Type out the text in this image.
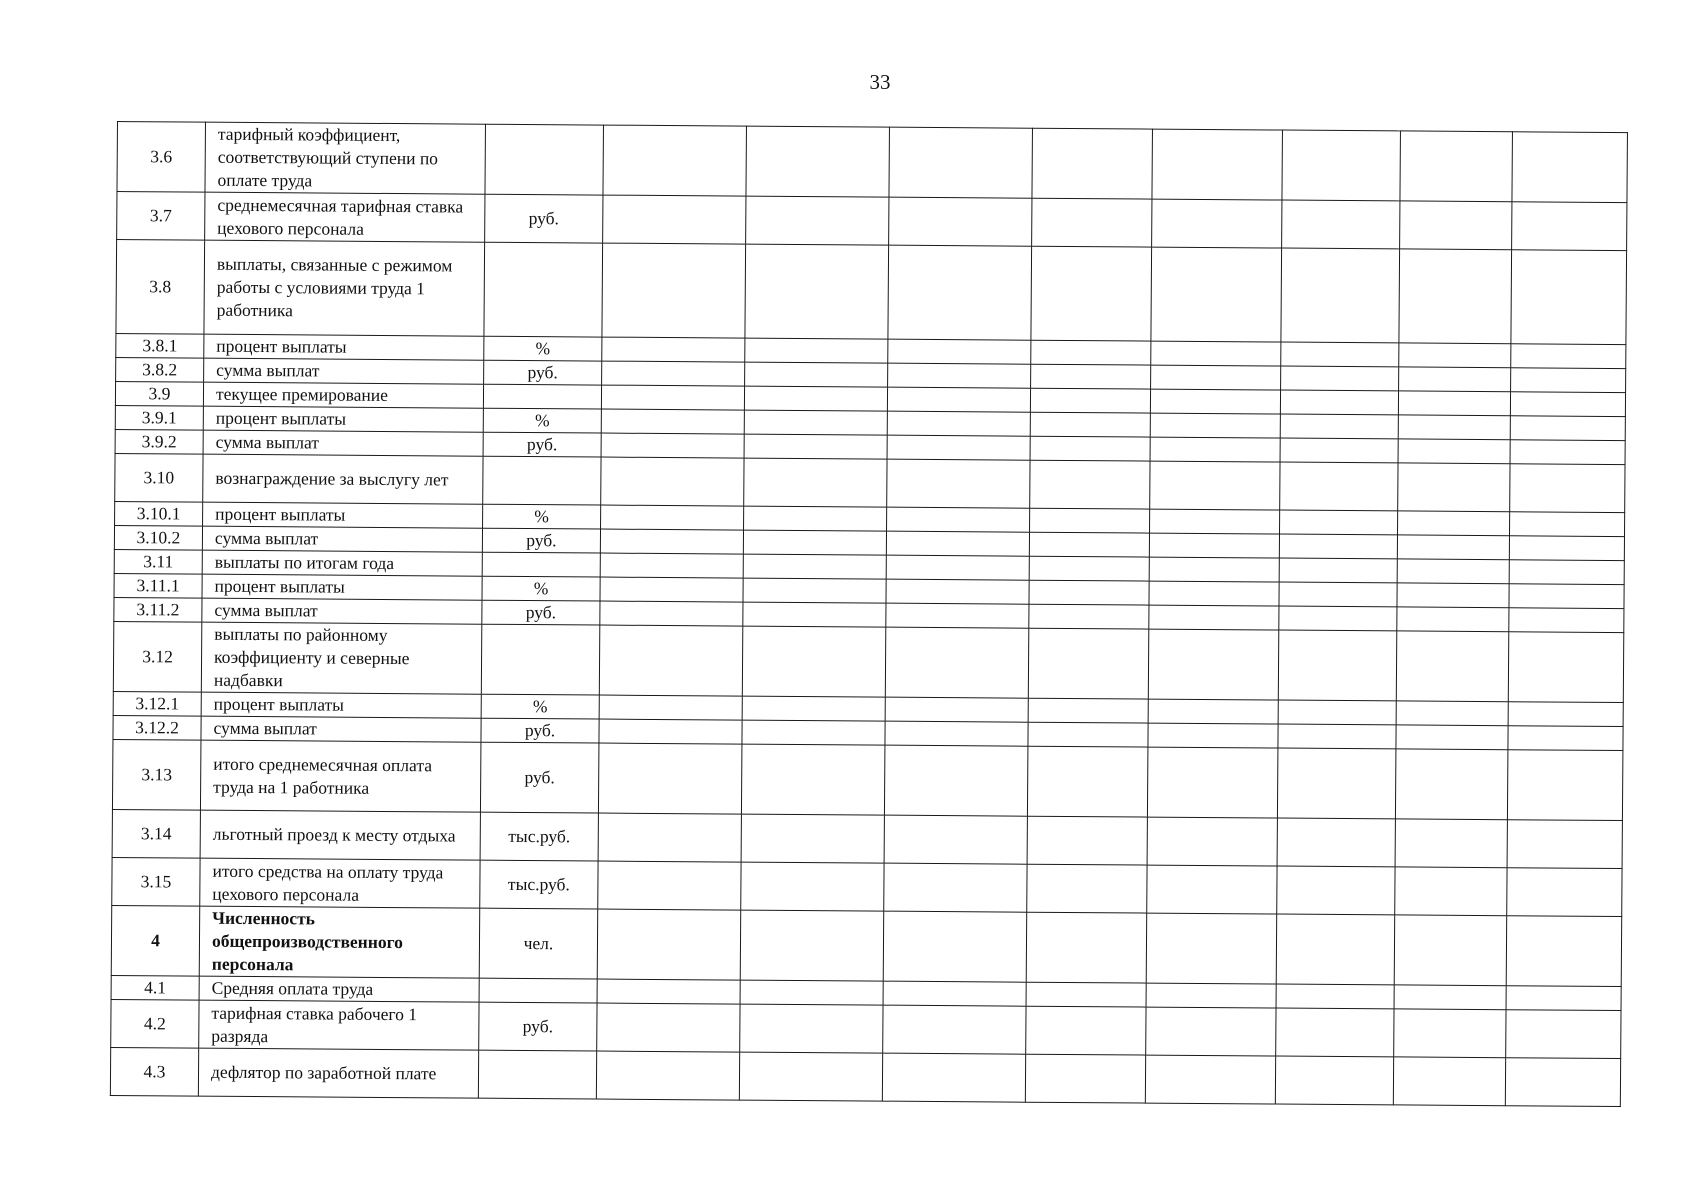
33
3.6	тарифный коэффициент, соответствующий ступени по оплате труда									
3.7	среднемесячная тарифная ставка цехового персонала	руб.								
3.8	выплаты, связанные с режимом работы с условиями труда 1 работника									
3.8.1	процент выплаты	%								
3.8.2	сумма выплат	руб.								
3.9	текущее премирование									
3.9.1	процент выплаты	%								
3.9.2	сумма выплат	руб.								
3.10	вознаграждение за выслугу лет									
3.10.1	процент выплаты	%								
3.10.2	сумма выплат	руб.								
3.11	выплаты по итогам года									
3.11.1	процент выплаты	%								
3.11.2	сумма выплат	руб.								
3.12	выплаты по районному коэффициенту и северные надбавки									
3.12.1	процент выплаты	%								
3.12.2	сумма выплат	руб.								
3.13	итого среднемесячная оплата труда на 1 работника	руб.								
3.14	льготный проезд к месту отдыха	тыс.руб.								
3.15	итого средства на оплату труда цехового персонала	тыс.руб.								
4	Численность общепроизводственного персонала	чел.								
4.1	Средняя оплата труда									
4.2	тарифная ставка рабочего 1 разряда	руб.								
4.3	дефлятор по заработной плате									
